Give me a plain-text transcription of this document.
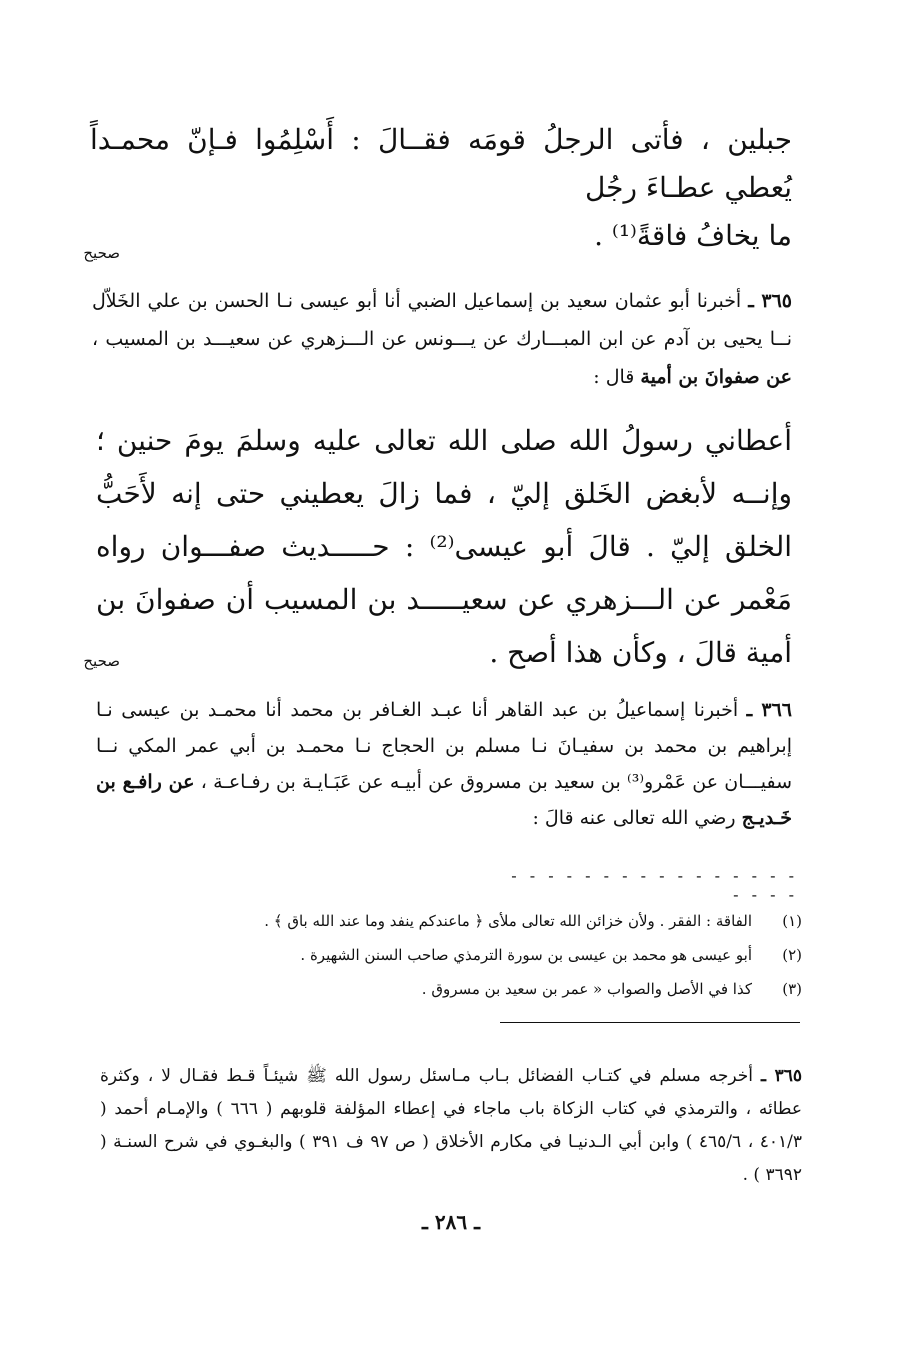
جبلين ، فأتى الرجلُ قومَه فقــالَ : أَسْلِمُوا فـإنّ محمـداً يُعطي عطـاءَ رجُل
ما يخافُ فاقةً⁽¹⁾ .
صحيح
٣٦٥ ـ أخبرنا أبو عثمان سعيد بن إسماعيل الضبي أنا أبو عيسى نـا الحسن بن علي الخَلاّل نــا يحيى بن آدم عن ابن المبـــارك عن يـــونس عن الـــزهري عن سعيـــد بن المسيب ، عن صفوانَ بن أمية قال :
أعطاني رسولُ الله صلى الله تعالى عليه وسلمَ يومَ حنين ؛ وإنــه لأبغض الخَلق إليّ ، فما زالَ يعطيني حتى إنه لأَحَبُّ الخلق إليّ . قالَ أبو عيسى⁽²⁾ : حـــــديث صفـــوان رواه مَعْمر عن الـــزهري عن سعيـــــد بن المسيب أن صفوانَ بن أمية قالَ ، وكأن هذا أصح .
صحيح
٣٦٦ ـ أخبرنا إسماعيلُ بن عبد القاهر أنا عبـد الغـافر بن محمد أنا محمـد بن عيسى نـا إبراهيم بن محمد بن سفيـانَ نـا مسلم بن الحجاج نـا محمـد بن أبي عمر المكي نــا سفيـــان عن عَمْرو⁽³⁾ بن سعيد بن مسروق عن أبيـه عن عَبَـايـة بن رفـاعـة ، عن رافـع بن خَـديـج رضي الله تعالى عنه قالَ :
- - - - - - - - - - - - - - - - - - - -
(١)
الفاقة : الفقر . ولأن خزائن الله تعالى ملأى ﴿ ماعندكم ينفد وما عند الله باق ﴾ .
(٢)
أبو عيسى هو محمد بن عيسى بن سورة الترمذي صاحب السنن الشهيرة .
(٣)
كذا في الأصل والصواب « عمر بن سعيد بن مسروق .
٣٦٥ ـ أخرجه مسلم في كتـاب الفضائل بـاب مـاسئل رسول الله ﷺ شيئـاً قـط فقـال لا ، وكثرة عطائه ، والترمذي في كتاب الزكاة باب ماجاء في إعطاء المؤلفة قلوبهم ( ٦٦٦ ) والإمـام أحمد ( ٤٠١/٣ ، ٤٦٥/٦ ) وابن أبي الـدنيـا في مكارم الأخلاق ( ص ٩٧ ف ٣٩١ ) والبغـوي في شرح السنـة ( ٣٦٩٢ ) .
ـ ٢٨٦ ـ
